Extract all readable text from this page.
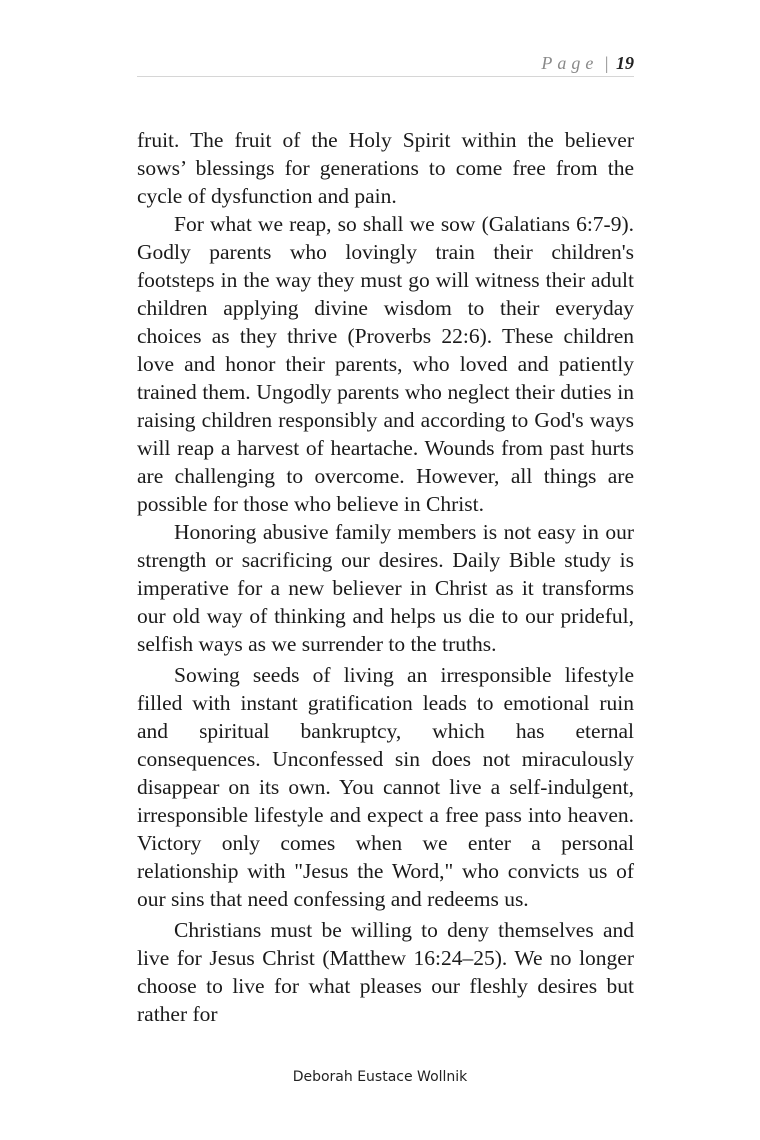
Page | 19

fruit. The fruit of the Holy Spirit within the believer sows’ blessings for generations to come free from the cycle of dysfunction and pain.

For what we reap, so shall we sow (Galatians 6:7-9). Godly parents who lovingly train their children's footsteps in the way they must go will witness their adult children applying divine wisdom to their everyday choices as they thrive (Proverbs 22:6). These children love and honor their parents, who loved and patiently trained them. Ungodly parents who neglect their duties in raising children responsibly and according to God's ways will reap a harvest of heartache. Wounds from past hurts are challenging to overcome. However, all things are possible for those who believe in Christ.

Honoring abusive family members is not easy in our strength or sacrificing our desires. Daily Bible study is imperative for a new believer in Christ as it transforms our old way of thinking and helps us die to our prideful, selfish ways as we surrender to the truths.

Sowing seeds of living an irresponsible lifestyle filled with instant gratification leads to emotional ruin and spiritual bankruptcy, which has eternal consequences. Unconfessed sin does not miraculously disappear on its own. You cannot live a self-indulgent, irresponsible lifestyle and expect a free pass into heaven. Victory only comes when we enter a personal relationship with "Jesus the Word," who convicts us of our sins that need confessing and redeems us.

Christians must be willing to deny themselves and live for Jesus Christ (Matthew 16:24–25). We no longer choose to live for what pleases our fleshly desires but rather for

Deborah Eustace Wollnik
